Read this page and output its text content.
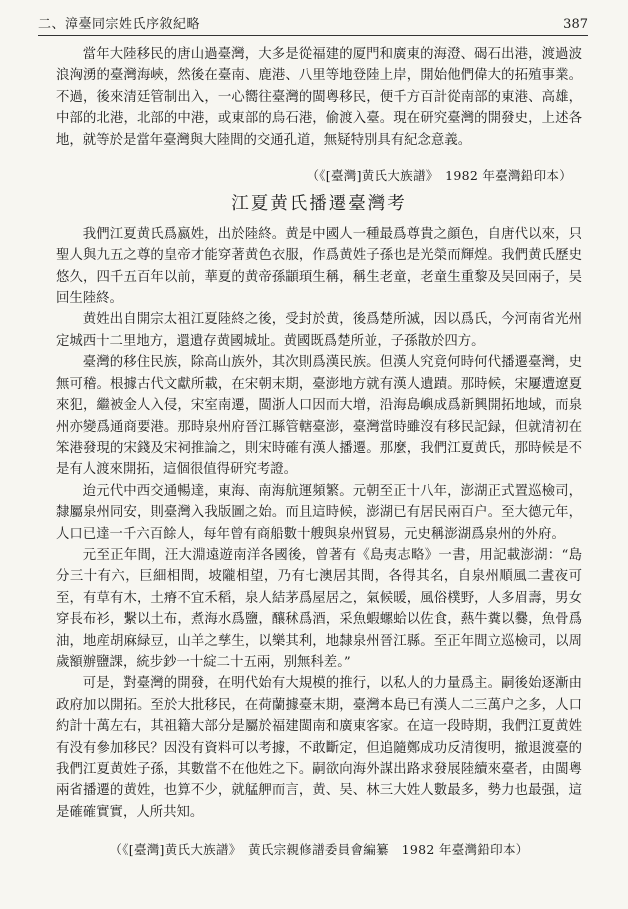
二、漳臺同宗姓氏序敘紀略	387

當年大陸移民的唐山過臺灣，大多是從福建的厦門和廣東的海澄、碣石出港，渡過波浪洶湧的臺灣海峽，然後在臺南、鹿港、八里等地登陸上岸，開始他們偉大的拓殖事業。不過，後來清廷管制出入，一心嚮往臺灣的閩粵移民，便千方百計從南部的東港、高雄，中部的北港，北部的中港，或東部的烏石港，偷渡入臺。現在研究臺灣的開發史，上述各地，就等於是當年臺灣與大陸間的交通孔道，無疑特別具有紀念意義。

（《[臺灣]黄氏大族譜》　1982 年臺灣鉛印本）
江夏黄氏播遷臺灣考

我們江夏黄氏爲嬴姓，出於陸終。黄是中國人一種最爲尊貴之顔色，自唐代以來，只聖人與九五之尊的皇帝才能穿著黄色衣服，作爲黄姓子孫也是光榮而輝煌。我們黄氏歷史悠久，四千五百年以前，華夏的黄帝孫顓頊生稱，稱生老童，老童生重黎及吴回兩子，吴回生陸終。

黄姓出自開宗太祖江夏陸終之後，受封於黄，後爲楚所滅，因以爲氏，今河南省光州定城西十二里地方，還遺存黄國城址。黄國既爲楚所並，子孫散於四方。

臺灣的移住民族，除高山族外，其次則爲漢民族。但漢人究竟何時何代播遷臺灣，史無可稽。根據古代文獻所載，在宋朝末期，臺澎地方就有漢人遺蹟。那時候，宋屢遭遼夏來犯，繼被金人入侵，宋室南遷，閩浙人口因而大增，沿海島嶼成爲新興開拓地域，而泉州亦變爲通商要港。那時泉州府晉江縣管轄臺澎，臺灣當時雖沒有移民記録，但就清初在笨港發現的宋錢及宋祠推論之，則宋時確有漢人播遷。那麼，我們江夏黄氏，那時候是不是有人渡來開拓，這個很值得研究考證。

迨元代中西交通暢達，東海、南海航運頻繁。元朝至正十八年，澎湖正式置巡檢司，隸屬泉州同安，則臺灣入我版圖之始。而且這時候，澎湖已有居民兩百户。至大德元年，人口已達一千六百餘人，每年曾有商船數十艘與泉州貿易，元史稱澎湖爲泉州的外府。

元至正年間，汪大淵遠遊南洋各國後，曾著有《島夷志略》一書，用記載澎湖：“島分三十有六，巨細相間，坡隴相望，乃有七澳居其間，各得其名，自泉州順風二晝夜可至，有草有木，土瘠不宜禾稻，泉人結茅爲屋居之，氣候暖，風俗樸野，人多眉壽，男女穿長布衫，繫以土布，煮海水爲鹽，釀秫爲酒，采魚蝦螺蛤以佐食，爇牛糞以爨，魚骨爲油，地産胡麻緑豆，山羊之孳生，以樂其利，地隸泉州晉江縣。至正年間立巡檢司，以周歲額辦鹽課，統步鈔一十綻二十五兩，别無科差。”

可是，對臺灣的開發，在明代始有大規模的推行，以私人的力量爲主。嗣後始逐漸由政府加以開拓。至於大批移民，在荷蘭據臺末期，臺灣本島已有漢人二三萬户之多，人口約計十萬左右，其祖籍大部分是屬於福建閩南和廣東客家。在這一段時期，我們江夏黄姓有没有參加移民？因没有資料可以考據，不敢斷定，但追隨鄭成功反清復明，撤退渡臺的我們江夏黄姓子孫，其數當不在他姓之下。嗣欲向海外謀出路求發展陸續來臺者，由閩粵兩省播遷的黄姓，也算不少，就艋舺而言，黄、吴、林三大姓人數最多，勢力也最强，這是確確實實，人所共知。

（《[臺灣]黄氏大族譜》　黄氏宗親修譜委員會編纂　1982 年臺灣鉛印本）
